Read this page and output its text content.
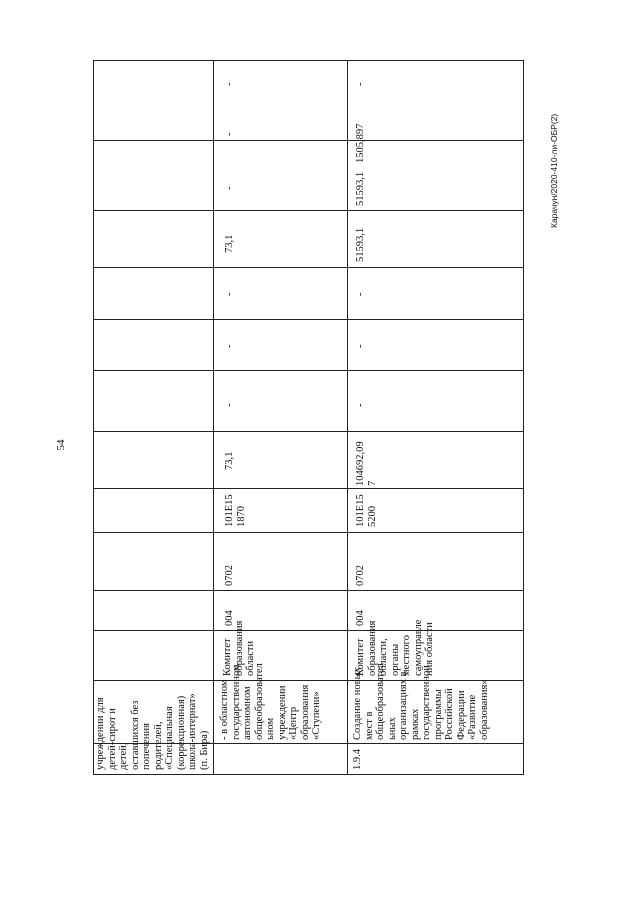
54
Карачун/2020-410-ли-ОБР(2)
учреждении для
детей-сирот и
детей,
оставшихся без
попечения
родителей,
«Специальная
(коррекционная)
школа-интернат»
(п. Бира) - в областном
государственном
автономном
общеобразовател
ьном
учреждении
«Центр
образования
«Ступени»
Комитет
образования
области
004
0702
101Е15
1870
73,1
-
-
-
73,1
-
-
-
1.9.4
Создание новых
мест в
общеобразовател
ьных
организациях в
рамках
государственной
программы
Российской
Федерации
«Развитие
образования»
Комитет
образования
области,
органы
местного
самоуправле
ния области
004
0702
101Е15
5200
104692,09
7
-
-
-
51593,1
51593,1
1505,897
-
